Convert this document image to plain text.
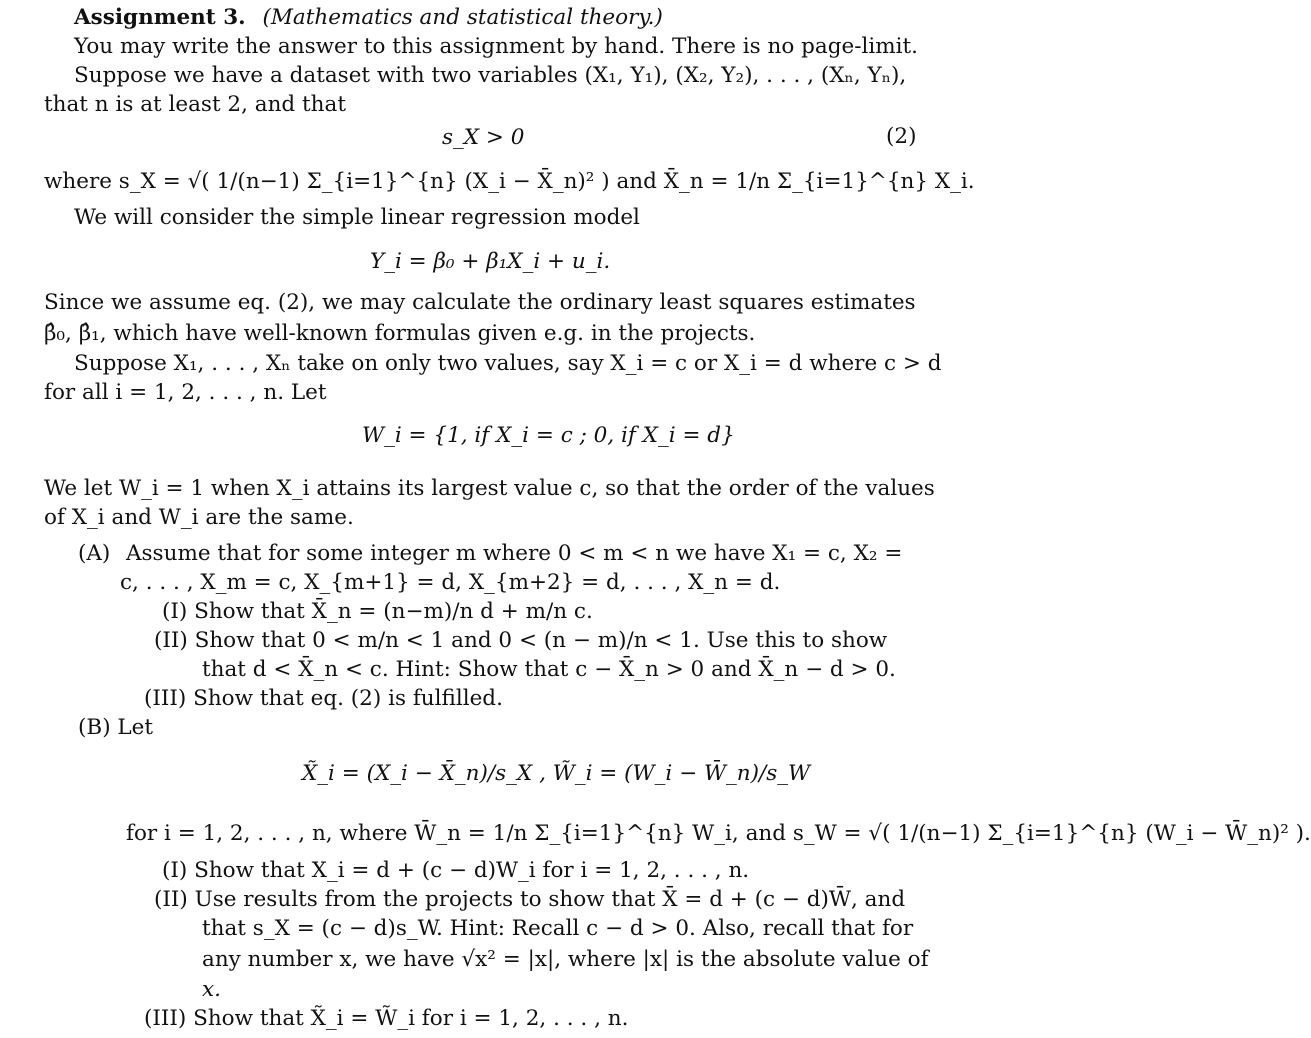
Assignment 3. (Mathematics and statistical theory.)
You may write the answer to this assignment by hand. There is no page-limit.
Suppose we have a dataset with two variables (X₁, Y₁), (X₂, Y₂), . . . , (Xₙ, Yₙ),
that n is at least 2, and that
s_X > 0	(2)
where s_X = √( 1/(n−1) Σ_{i=1}^{n} (X_i − X̄_n)² ) and X̄_n = 1/n Σ_{i=1}^{n} X_i.
We will consider the simple linear regression model
Y_i = β₀ + β₁X_i + u_i.
Since we assume eq. (2), we may calculate the ordinary least squares estimates
β̂₀, β̂₁, which have well-known formulas given e.g. in the projects.
Suppose X₁, . . . , Xₙ take on only two values, say X_i = c or X_i = d where c > d
for all i = 1, 2, . . . , n. Let
W_i = {1, if X_i = c ; 0, if X_i = d}
We let W_i = 1 when X_i attains its largest value c, so that the order of the values
of X_i and W_i are the same.
(A) Assume that for some integer m where 0 < m < n we have X₁ = c, X₂ =
c, . . . , X_m = c, X_{m+1} = d, X_{m+2} = d, . . . , X_n = d.
(I) Show that X̄_n = (n−m)/n d + m/n c.
(II) Show that 0 < m/n < 1 and 0 < (n − m)/n < 1. Use this to show
that d < X̄_n < c. Hint: Show that c − X̄_n > 0 and X̄_n − d > 0.
(III) Show that eq. (2) is fulfilled.
(B) Let
X̃_i = (X_i − X̄_n)/s_X , W̃_i = (W_i − W̄_n)/s_W
for i = 1, 2, . . . , n, where W̄_n = 1/n Σ_{i=1}^{n} W_i, and s_W = √( 1/(n−1) Σ_{i=1}^{n} (W_i − W̄_n)² ).
(I) Show that X_i = d + (c − d)W_i for i = 1, 2, . . . , n.
(II) Use results from the projects to show that X̄ = d + (c − d)W̄, and
that s_X = (c − d)s_W. Hint: Recall c − d > 0. Also, recall that for
any number x, we have √x² = |x|, where |x| is the absolute value of
x.
(III) Show that X̃_i = W̃_i for i = 1, 2, . . . , n.
